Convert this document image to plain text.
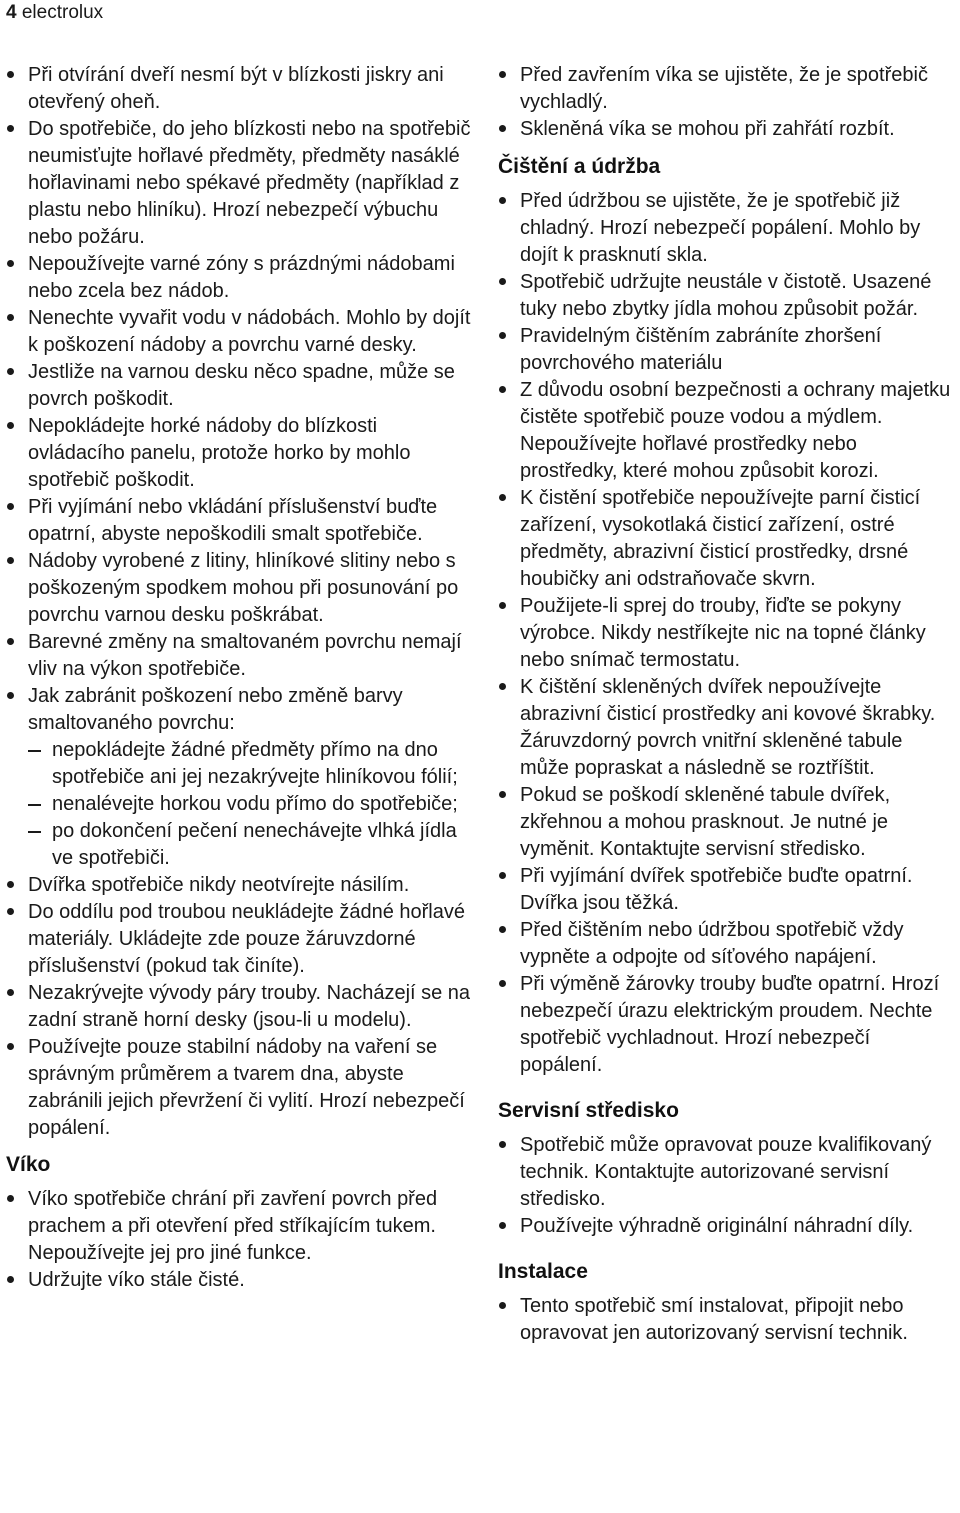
4 electrolux
Při otvírání dveří nesmí být v blízkosti jiskry ani otevřený oheň.
Do spotřebiče, do jeho blízkosti nebo na spotřebič neumisťujte hořlavé předměty, předměty nasáklé hořlavinami nebo spékavé předměty (například z plastu nebo hliníku). Hrozí nebezpečí výbuchu nebo požáru.
Nepoužívejte varné zóny s prázdnými nádobami nebo zcela bez nádob.
Nenechte vyvařit vodu v nádobách. Mohlo by dojít k poškození nádoby a povrchu varné desky.
Jestliže na varnou desku něco spadne, může se povrch poškodit.
Nepokládejte horké nádoby do blízkosti ovládacího panelu, protože horko by mohlo spotřebič poškodit.
Při vyjímání nebo vkládání příslušenství buďte opatrní, abyste nepoškodili smalt spotřebiče.
Nádoby vyrobené z litiny, hliníkové slitiny nebo s poškozeným spodkem mohou při posunování po povrchu varnou desku poškrábat.
Barevné změny na smaltovaném povrchu nemají vliv na výkon spotřebiče.
Jak zabránit poškození nebo změně barvy smaltovaného povrchu:
nepokládejte žádné předměty přímo na dno spotřebiče ani jej nezakrývejte hliníkovou fólií;
nenalévejte horkou vodu přímo do spotřebiče;
po dokončení pečení nenechávejte vlhká jídla ve spotřebiči.
Dvířka spotřebiče nikdy neotvírejte násilím.
Do oddílu pod troubou neukládejte žádné hořlavé materiály. Ukládejte zde pouze žáruvzdorné příslušenství (pokud tak činíte).
Nezakrývejte vývody páry trouby. Nacházejí se na zadní straně horní desky (jsou-li u modelu).
Používejte pouze stabilní nádoby na vaření se správným průměrem a tvarem dna, abyste zabránili jejich převržení či vylití. Hrozí nebezpečí popálení.
Víko
Víko spotřebiče chrání při zavření povrch před prachem a při otevření před stříkajícím tukem. Nepoužívejte jej pro jiné funkce.
Udržujte víko stále čisté.
Před zavřením víka se ujistěte, že je spotřebič vychladlý.
Skleněná víka se mohou při zahřátí rozbít.
Čištění a údržba
Před údržbou se ujistěte, že je spotřebič již chladný. Hrozí nebezpečí popálení. Mohlo by dojít k prasknutí skla.
Spotřebič udržujte neustále v čistotě. Usazené tuky nebo zbytky jídla mohou způsobit požár.
Pravidelným čištěním zabráníte zhoršení povrchového materiálu
Z důvodu osobní bezpečnosti a ochrany majetku čistěte spotřebič pouze vodou a mýdlem. Nepoužívejte hořlavé prostředky nebo prostředky, které mohou způsobit korozi.
K čistění spotřebiče nepoužívejte parní čisticí zařízení, vysokotlaká čisticí zařízení, ostré předměty, abrazivní čisticí prostředky, drsné houbičky ani odstraňovače skvrn.
Použijete-li sprej do trouby, řiďte se pokyny výrobce. Nikdy nestříkejte nic na topné články nebo snímač termostatu.
K čištění skleněných dvířek nepoužívejte abrazivní čisticí prostředky ani kovové škrabky. Žáruvzdorný povrch vnitřní skleněné tabule může popraskat a následně se roztříštit.
Pokud se poškodí skleněné tabule dvířek, zkřehnou a mohou prasknout. Je nutné je vyměnit. Kontaktujte servisní středisko.
Při vyjímání dvířek spotřebiče buďte opatrní. Dvířka jsou těžká.
Před čištěním nebo údržbou spotřebič vždy vypněte a odpojte od síťového napájení.
Při výměně žárovky trouby buďte opatrní. Hrozí nebezpečí úrazu elektrickým proudem. Nechte spotřebič vychladnout. Hrozí nebezpečí popálení.
Servisní středisko
Spotřebič může opravovat pouze kvalifikovaný technik. Kontaktujte autorizované servisní středisko.
Používejte výhradně originální náhradní díly.
Instalace
Tento spotřebič smí instalovat, připojit nebo opravovat jen autorizovaný servisní technik.
